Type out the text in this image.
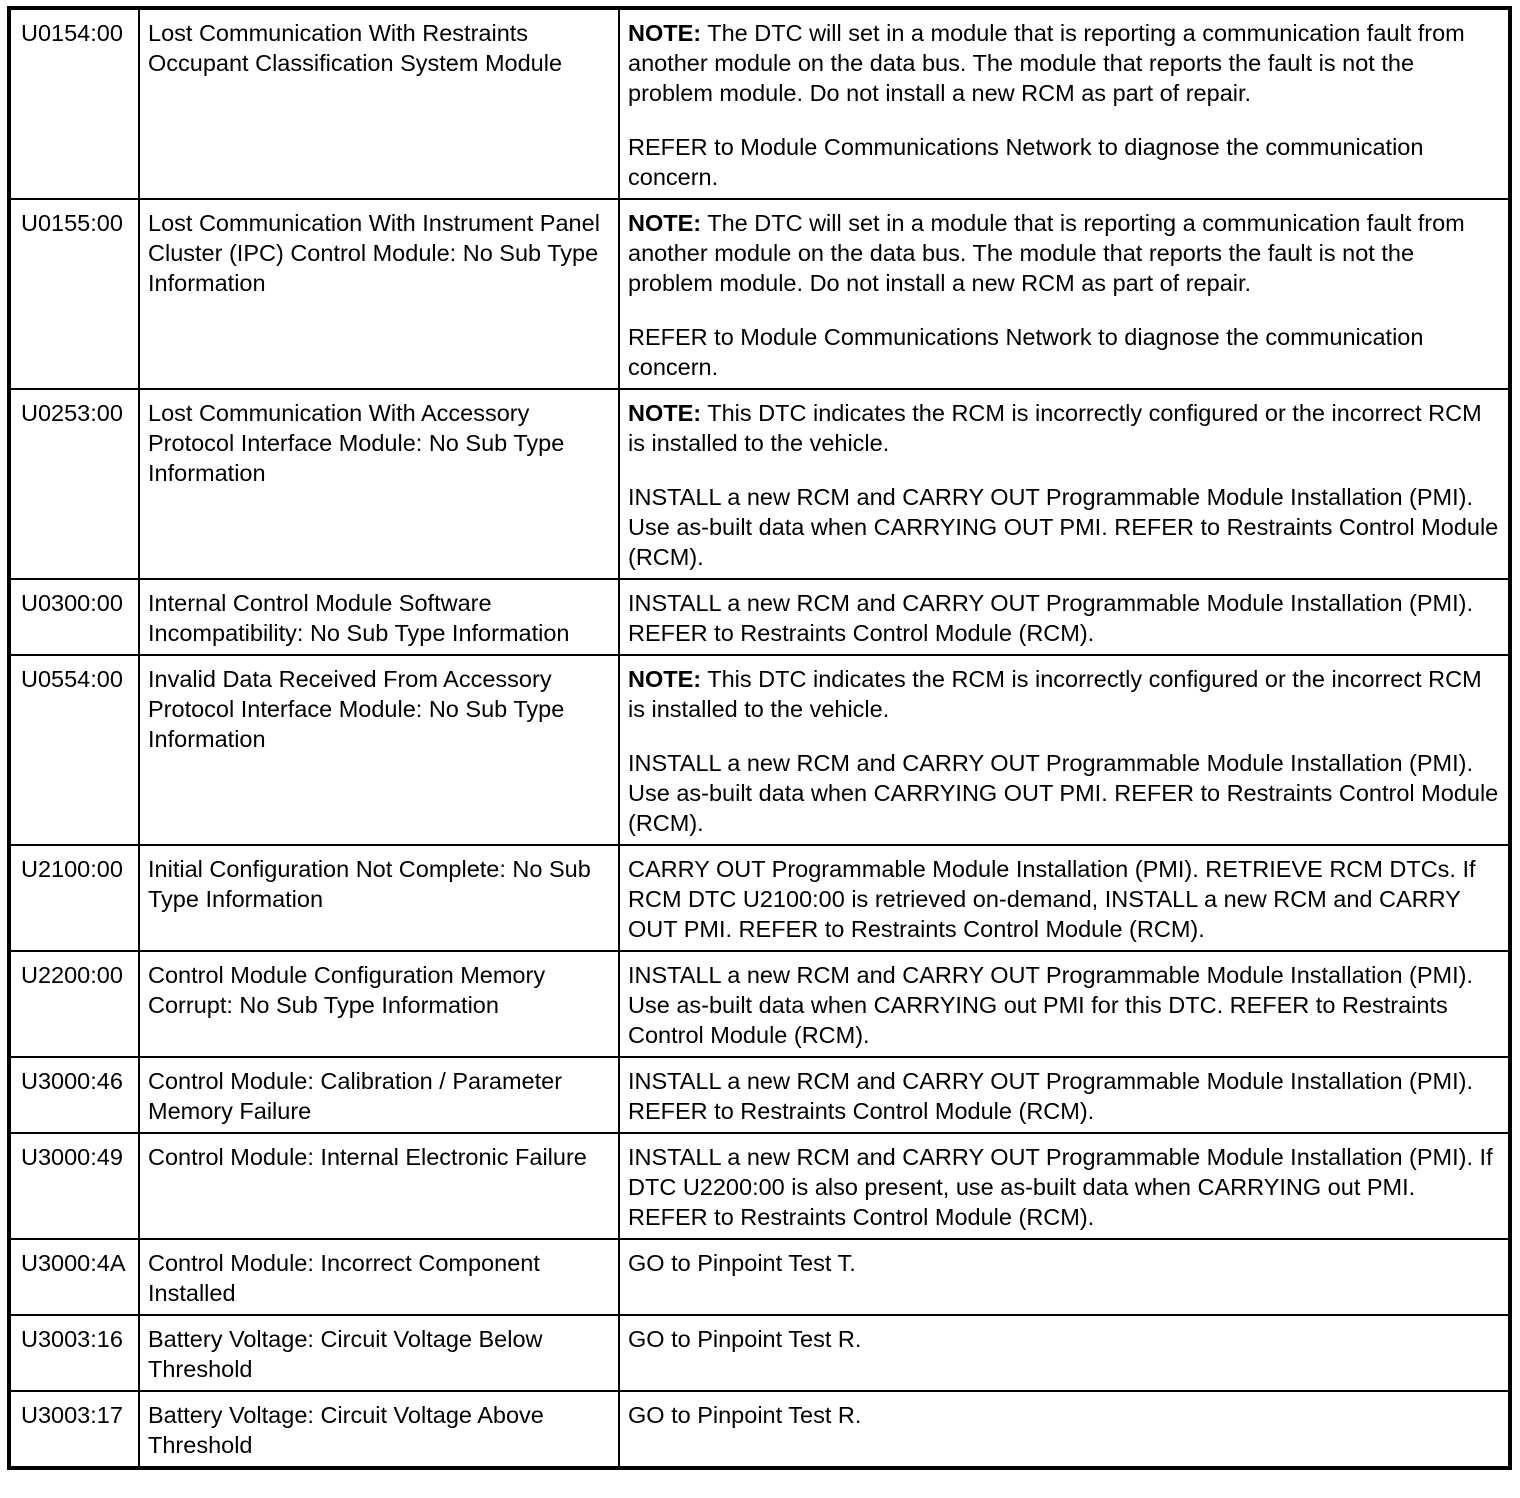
U0154:00	Lost Communication With Restraints Occupant Classification System Module	NOTE: The DTC will set in a module that is reporting a communication fault from another module on the data bus. The module that reports the fault is not the problem module. Do not install a new RCM as part of repair.

REFER to Module Communications Network to diagnose the communication concern.

U0155:00	Lost Communication With Instrument Panel Cluster (IPC) Control Module: No Sub Type Information	NOTE: The DTC will set in a module that is reporting a communication fault from another module on the data bus. The module that reports the fault is not the problem module. Do not install a new RCM as part of repair.

REFER to Module Communications Network to diagnose the communication concern.

U0253:00	Lost Communication With Accessory Protocol Interface Module: No Sub Type Information	NOTE: This DTC indicates the RCM is incorrectly configured or the incorrect RCM is installed to the vehicle.

INSTALL a new RCM and CARRY OUT Programmable Module Installation (PMI). Use as-built data when CARRYING OUT PMI. REFER to Restraints Control Module (RCM).

U0300:00	Internal Control Module Software Incompatibility: No Sub Type Information	INSTALL a new RCM and CARRY OUT Programmable Module Installation (PMI). REFER to Restraints Control Module (RCM).

U0554:00	Invalid Data Received From Accessory Protocol Interface Module: No Sub Type Information	NOTE: This DTC indicates the RCM is incorrectly configured or the incorrect RCM is installed to the vehicle.

INSTALL a new RCM and CARRY OUT Programmable Module Installation (PMI). Use as-built data when CARRYING OUT PMI. REFER to Restraints Control Module (RCM).

U2100:00	Initial Configuration Not Complete: No Sub Type Information	CARRY OUT Programmable Module Installation (PMI). RETRIEVE RCM DTCs. If RCM DTC U2100:00 is retrieved on-demand, INSTALL a new RCM and CARRY OUT PMI. REFER to Restraints Control Module (RCM).

U2200:00	Control Module Configuration Memory Corrupt: No Sub Type Information	INSTALL a new RCM and CARRY OUT Programmable Module Installation (PMI). Use as-built data when CARRYING out PMI for this DTC. REFER to Restraints Control Module (RCM).

U3000:46	Control Module: Calibration / Parameter Memory Failure	INSTALL a new RCM and CARRY OUT Programmable Module Installation (PMI). REFER to Restraints Control Module (RCM).

U3000:49	Control Module: Internal Electronic Failure	INSTALL a new RCM and CARRY OUT Programmable Module Installation (PMI). If DTC U2200:00 is also present, use as-built data when CARRYING out PMI. REFER to Restraints Control Module (RCM).

U3000:4A	Control Module: Incorrect Component Installed	GO to Pinpoint Test T.

U3003:16	Battery Voltage: Circuit Voltage Below Threshold	GO to Pinpoint Test R.

U3003:17	Battery Voltage: Circuit Voltage Above Threshold	GO to Pinpoint Test R.
